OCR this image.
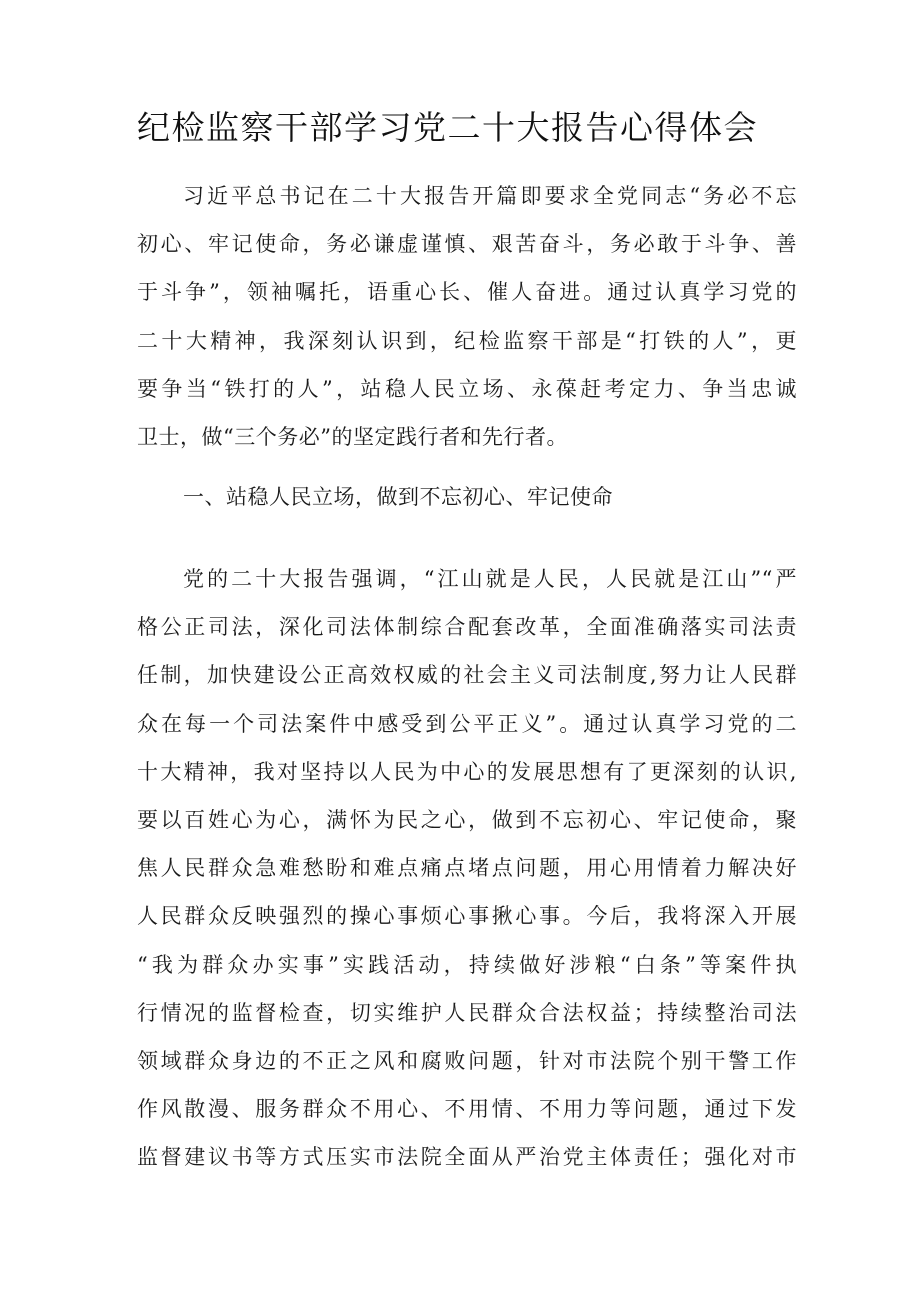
纪检监察干部学习党二十大报告心得体会
习近平总书记在二十大报告开篇即要求全党同志“务必不忘
初心、牢记使命，务必谦虚谨慎、艰苦奋斗，务必敢于斗争、善
于斗争”，领袖嘱托，语重心长、催人奋进。通过认真学习党的
二十大精神，我深刻认识到，纪检监察干部是“打铁的人”，更
要争当“铁打的人”，站稳人民立场、永葆赶考定力、争当忠诚
卫士，做“三个务必”的坚定践行者和先行者。
一、站稳人民立场，做到不忘初心、牢记使命
党的二十大报告强调，“江山就是人民，人民就是江山”“严
格公正司法，深化司法体制综合配套改革，全面准确落实司法责
任制，加快建设公正高效权威的社会主义司法制度,努力让人民群
众在每一个司法案件中感受到公平正义”。通过认真学习党的二
十大精神，我对坚持以人民为中心的发展思想有了更深刻的认识,
要以百姓心为心，满怀为民之心，做到不忘初心、牢记使命，聚
焦人民群众急难愁盼和难点痛点堵点问题，用心用情着力解决好
人民群众反映强烈的操心事烦心事揪心事。今后，我将深入开展
“我为群众办实事”实践活动，持续做好涉粮“白条”等案件执
行情况的监督检查，切实维护人民群众合法权益；持续整治司法
领域群众身边的不正之风和腐败问题，针对市法院个别干警工作
作风散漫、服务群众不用心、不用情、不用力等问题，通过下发
监督建议书等方式压实市法院全面从严治党主体责任；强化对市
